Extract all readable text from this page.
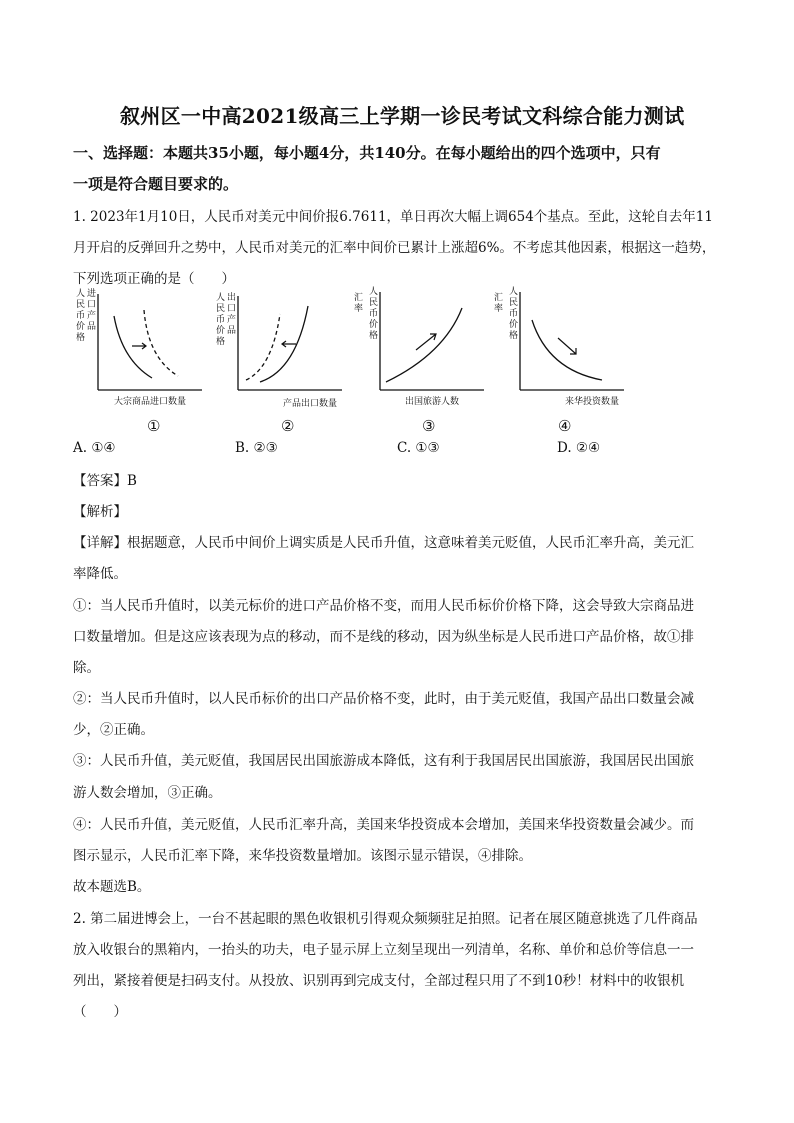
叙州区一中高2021级高三上学期一诊民考试文科综合能力测试
一、选择题：本题共35小题，每小题4分，共140分。在每小题给出的四个选项中，只有
一项是符合题目要求的。
1. 2023年1月10日，人民币对美元中间价报6.7611，单日再次大幅上调654个基点。至此，这轮自去年11
月开启的反弹回升之势中，人民币对美元的汇率中间价已累计上涨超6%。不考虑其他因素，根据这一趋势，
下列选项正确的是（　　）
人民币价格 进口产品
大宗商品进口数量
人民币价格 出口产品
产品出口数量
汇率 人民币价格
出国旅游人数
汇率 人民币价格
来华投资数量
①	②	③	④
A. ①④	B. ②③	C. ①③	D. ②④
【答案】B
【解析】
【详解】根据题意，人民币中间价上调实质是人民币升值，这意味着美元贬值，人民币汇率升高，美元汇
率降低。
①：当人民币升值时，以美元标价的进口产品价格不变，而用人民币标价价格下降，这会导致大宗商品进
口数量增加。但是这应该表现为点的移动，而不是线的移动，因为纵坐标是人民币进口产品价格，故①排
除。
②：当人民币升值时，以人民币标价的出口产品价格不变，此时，由于美元贬值，我国产品出口数量会减
少，②正确。
③：人民币升值，美元贬值，我国居民出国旅游成本降低，这有利于我国居民出国旅游，我国居民出国旅
游人数会增加，③正确。
④：人民币升值，美元贬值，人民币汇率升高，美国来华投资成本会增加，美国来华投资数量会减少。而
图示显示，人民币汇率下降，来华投资数量增加。该图示显示错误，④排除。
故本题选B。
2. 第二届进博会上，一台不甚起眼的黑色收银机引得观众频频驻足拍照。记者在展区随意挑选了几件商品
放入收银台的黑箱内，一抬头的功夫，电子显示屏上立刻呈现出一列清单，名称、单价和总价等信息一一
列出，紧接着便是扫码支付。从投放、识别再到完成支付，全部过程只用了不到10秒！材料中的收银机
（　　）
